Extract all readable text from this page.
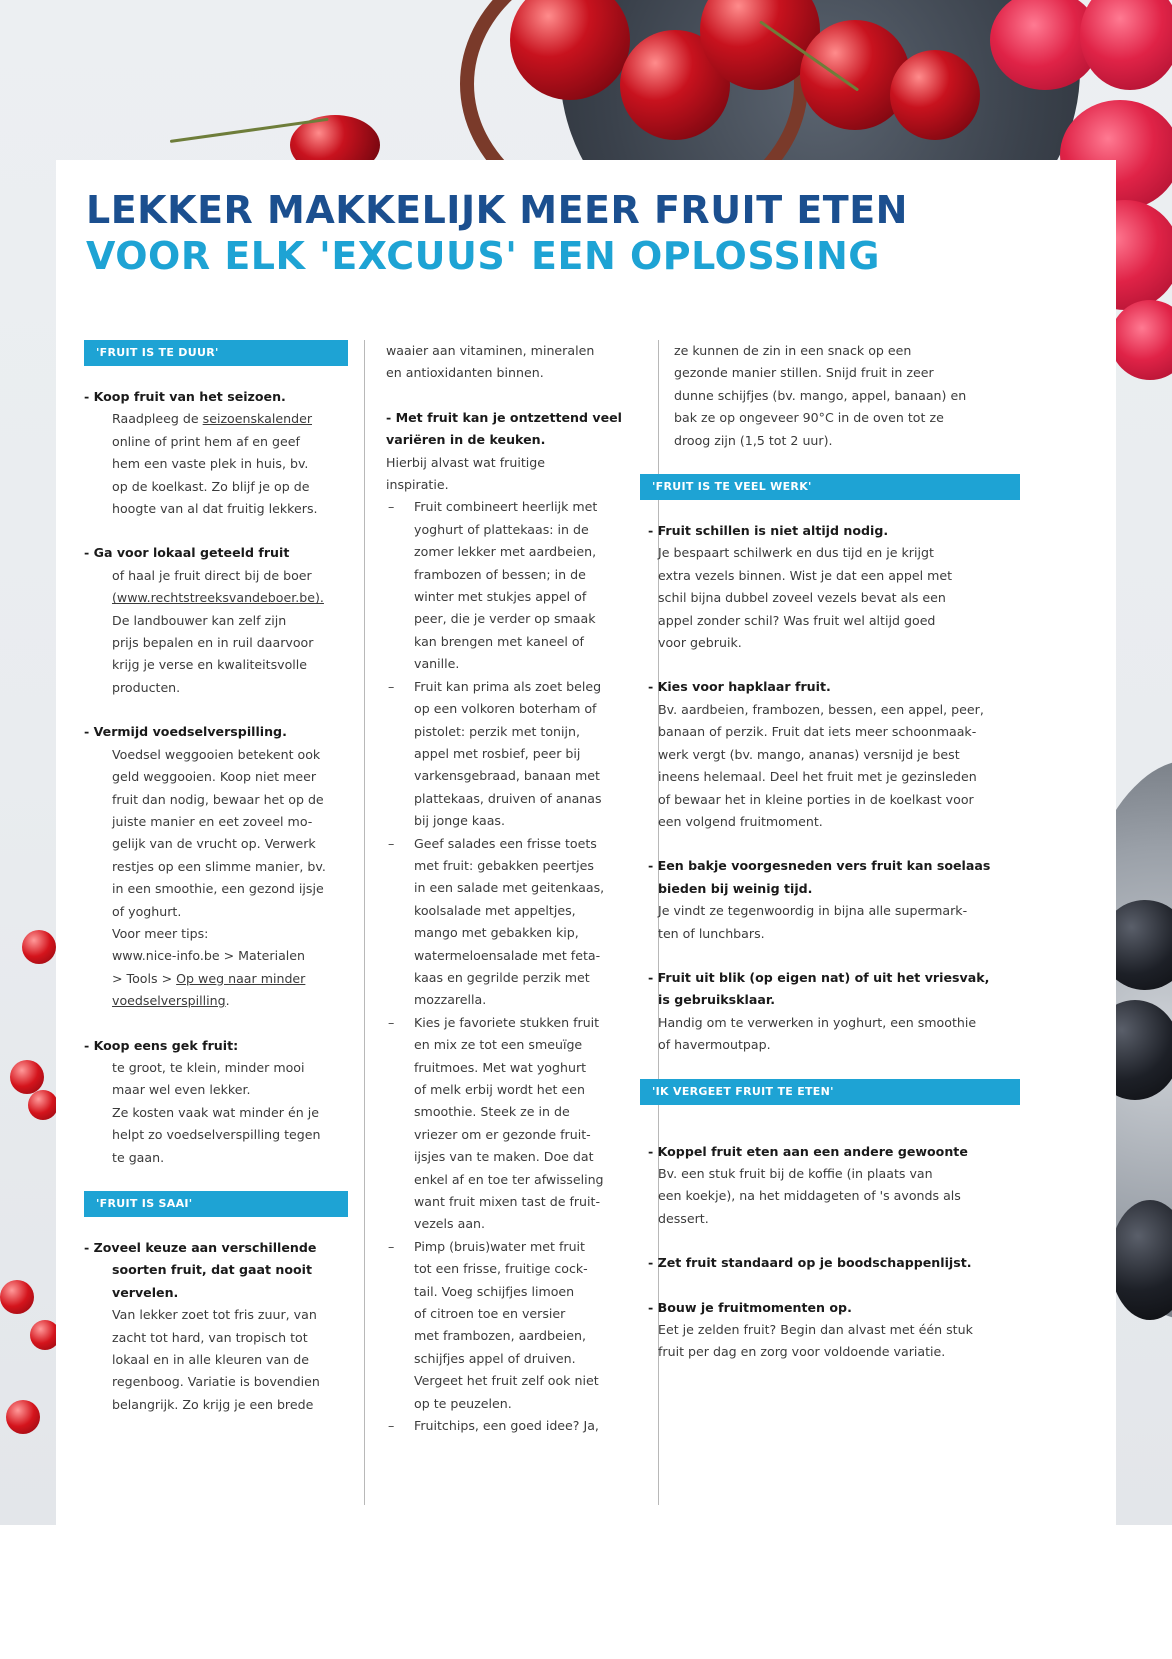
LEKKER MAKKELIJK MEER FRUIT ETEN
VOOR ELK 'EXCUUS' EEN OPLOSSING
'FRUIT IS TE DUUR'

- Koop fruit van het seizoen.

Raadpleeg de seizoenskalender

online of print hem af en geef

hem een vaste plek in huis, bv.

op de koelkast. Zo blijf je op de

hoogte van al dat fruitig lekkers.

- Ga voor lokaal geteeld fruit

of haal je fruit direct bij de boer

(www.rechtstreeksvandeboer.be).

De landbouwer kan zelf zijn

prijs bepalen en in ruil daarvoor

krijg je verse en kwaliteitsvolle

producten.

- Vermijd voedselverspilling.

Voedsel weggooien betekent ook

geld weggooien. Koop niet meer

fruit dan nodig, bewaar het op de

juiste manier en eet zoveel mo-

gelijk van de vrucht op. Verwerk

restjes op een slimme manier, bv.

in een smoothie, een gezond ijsje

of yoghurt.

Voor meer tips:

www.nice-info.be > Materialen

> Tools > Op weg naar minder

voedselverspilling.

- Koop eens gek fruit:

te groot, te klein, minder mooi

maar wel even lekker.

Ze kosten vaak wat minder én je

helpt zo voedselverspilling tegen

te gaan.

'FRUIT IS SAAI'

- Zoveel keuze aan verschillende

soorten fruit, dat gaat nooit

vervelen.

Van lekker zoet tot fris zuur, van

zacht tot hard, van tropisch tot

lokaal en in alle kleuren van de

regenboog. Variatie is bovendien

belangrijk. Zo krijg je een brede

waaier aan vitaminen, mineralen

en antioxidanten binnen.

- Met fruit kan je ontzettend veel

variëren in de keuken.

Hierbij alvast wat fruitige

inspiratie.

– Fruit combineert heerlijk met

yoghurt of plattekaas: in de

zomer lekker met aardbeien,

frambozen of bessen; in de

winter met stukjes appel of

peer, die je verder op smaak

kan brengen met kaneel of

vanille.

– Fruit kan prima als zoet beleg

op een volkoren boterham of

pistolet: perzik met tonijn,

appel met rosbief, peer bij

varkensgebraad, banaan met

plattekaas, druiven of ananas

bij jonge kaas.

– Geef salades een frisse toets

met fruit: gebakken peertjes

in een salade met geitenkaas,

koolsalade met appeltjes,

mango met gebakken kip,

watermeloensalade met feta-

kaas en gegrilde perzik met

mozzarella.

– Kies je favoriete stukken fruit

en mix ze tot een smeuïge

fruitmoes. Met wat yoghurt

of melk erbij wordt het een

smoothie. Steek ze in de

vriezer om er gezonde fruit-

ijsjes van te maken. Doe dat

enkel af en toe ter afwisseling

want fruit mixen tast de fruit-

vezels aan.

– Pimp (bruis)water met fruit

tot een frisse, fruitige cock-

tail. Voeg schijfjes limoen

of citroen toe en versier

met frambozen, aardbeien,

schijfjes appel of druiven.

Vergeet het fruit zelf ook niet

op te peuzelen.

– Fruitchips, een goed idee? Ja,

ze kunnen de zin in een snack op een

gezonde manier stillen. Snijd fruit in zeer

dunne schijfjes (bv. mango, appel, banaan) en

bak ze op ongeveer 90°C in de oven tot ze

droog zijn (1,5 tot 2 uur).

'FRUIT IS TE VEEL WERK'

- Fruit schillen is niet altijd nodig.

Je bespaart schilwerk en dus tijd en je krijgt

extra vezels binnen. Wist je dat een appel met

schil bijna dubbel zoveel vezels bevat als een

appel zonder schil? Was fruit wel altijd goed

voor gebruik.

- Kies voor hapklaar fruit.

Bv. aardbeien, frambozen, bessen, een appel, peer,

banaan of perzik. Fruit dat iets meer schoonmaak-

werk vergt (bv. mango, ananas) versnijd je best

ineens helemaal. Deel het fruit met je gezinsleden

of bewaar het in kleine porties in de koelkast voor

een volgend fruitmoment.

- Een bakje voorgesneden vers fruit kan soelaas

bieden bij weinig tijd.

Je vindt ze tegenwoordig in bijna alle supermark-

ten of lunchbars.

- Fruit uit blik (op eigen nat) of uit het vriesvak,

is gebruiksklaar.

Handig om te verwerken in yoghurt, een smoothie

of havermoutpap.

'IK VERGEET FRUIT TE ETEN'

- Koppel fruit eten aan een andere gewoonte

Bv. een stuk fruit bij de koffie (in plaats van

een koekje), na het middageten of 's avonds als

dessert.

- Zet fruit standaard op je boodschappenlijst.

- Bouw je fruitmomenten op.

Eet je zelden fruit? Begin dan alvast met één stuk

fruit per dag en zorg voor voldoende variatie.
